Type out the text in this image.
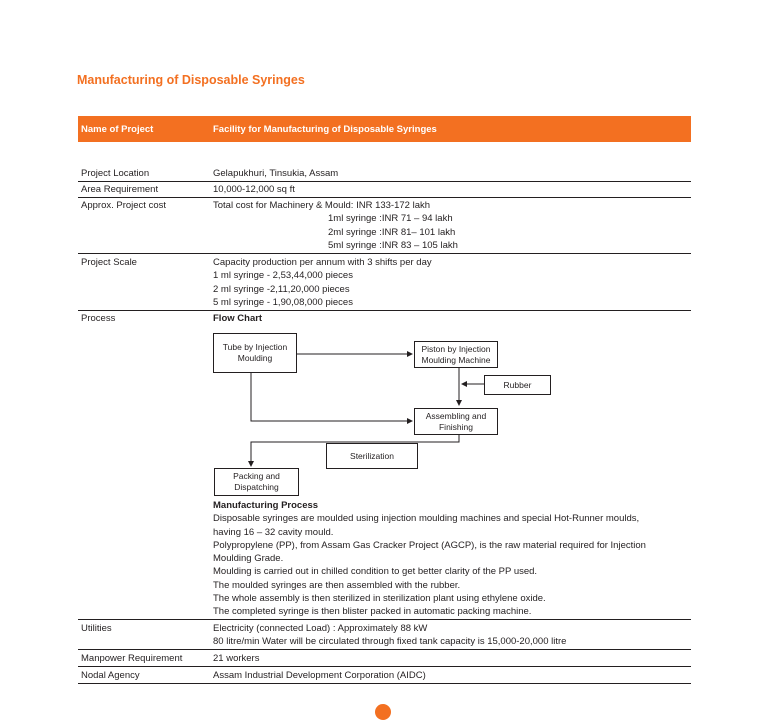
Manufacturing of Disposable Syringes
Name of Project	Facility for Manufacturing of Disposable Syringes
Project Location	Gelapukhuri, Tinsukia, Assam
Area Requirement	10,000-12,000 sq ft
Approx. Project cost	Total cost for Machinery & Mould: INR 133-172 lakh
1ml syringe :INR 71 – 94 lakh
2ml syringe :INR 81– 101 lakh
5ml syringe :INR 83 – 105 lakh
Project Scale	Capacity production per annum with 3 shifts per day
1 ml syringe - 2,53,44,000 pieces
2 ml syringe -2,11,20,000 pieces
5 ml syringe - 1,90,08,000 pieces
Process	Flow Chart
Tube by Injection Moulding
Piston by Injection Moulding Machine
Rubber
Assembling and Finishing
Sterilization
Packing and Dispatching
Manufacturing Process
Disposable syringes are moulded using injection moulding machines and special Hot-Runner moulds,
having 16 – 32 cavity mould.
Polypropylene (PP), from Assam Gas Cracker Project (AGCP), is the raw material required for Injection
Moulding Grade.
Moulding is carried out in chilled condition to get better clarity of the PP used.
The moulded syringes are then assembled with the rubber.
The whole assembly is then sterilized in sterilization plant using ethylene oxide.
The completed syringe is then blister packed in automatic packing machine.
Utilities	Electricity (connected Load) : Approximately 88 kW
80 litre/min Water will be circulated through fixed tank capacity is 15,000-20,000 litre
Manpower Requirement	21 workers
Nodal Agency	Assam Industrial Development Corporation (AIDC)
